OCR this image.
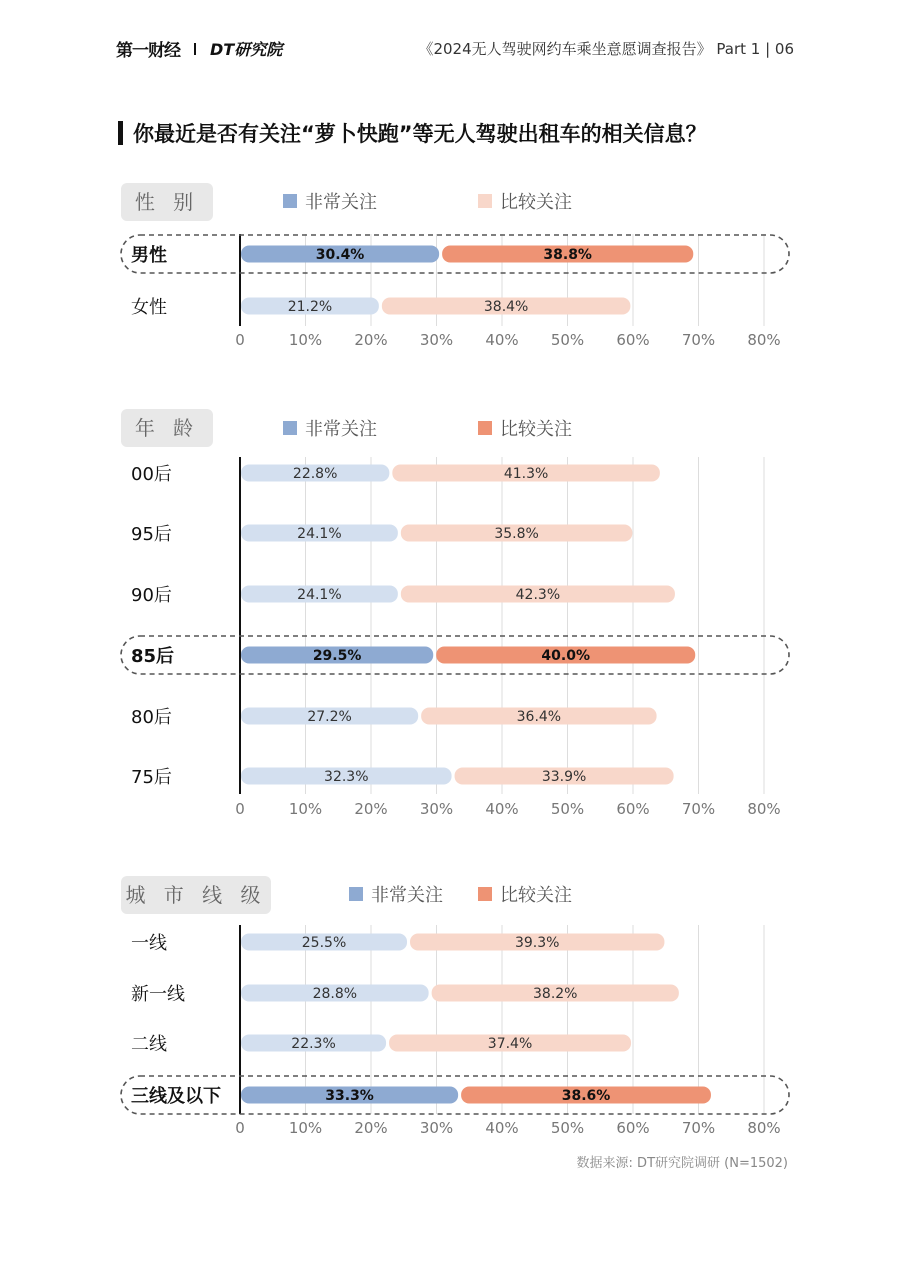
第一财经 DT研究院	《2024无人驾驶网约车乘坐意愿调查报告》 Part 1 | 06
你最近是否有关注“萝卜快跑”等无人驾驶出租车的相关信息？
性 别	非常关注	比较关注
0	10% 20% 30% 40% 50% 60% 70% 80%
男性	30.4%	38.8%
女性	21.2%	38.4%
年 龄	非常关注	比较关注
0	10% 20% 30% 40% 50% 60% 70% 80%
00后	22.8%	41.3%
95后	24.1%	35.8%
90后	24.1%	42.3%
85后	29.5%	40.0%
80后	27.2%	36.4%
75后	32.3%	33.9%
城 市 线 级	非常关注	比较关注
0	10% 20% 30% 40% 50% 60% 70% 80%
一线	25.5%	39.3%
新一线	28.8%	38.2%
二线	22.3%	37.4%
三线及以下	33.3%	38.6%
数据来源: DT研究院调研 (N=1502)
